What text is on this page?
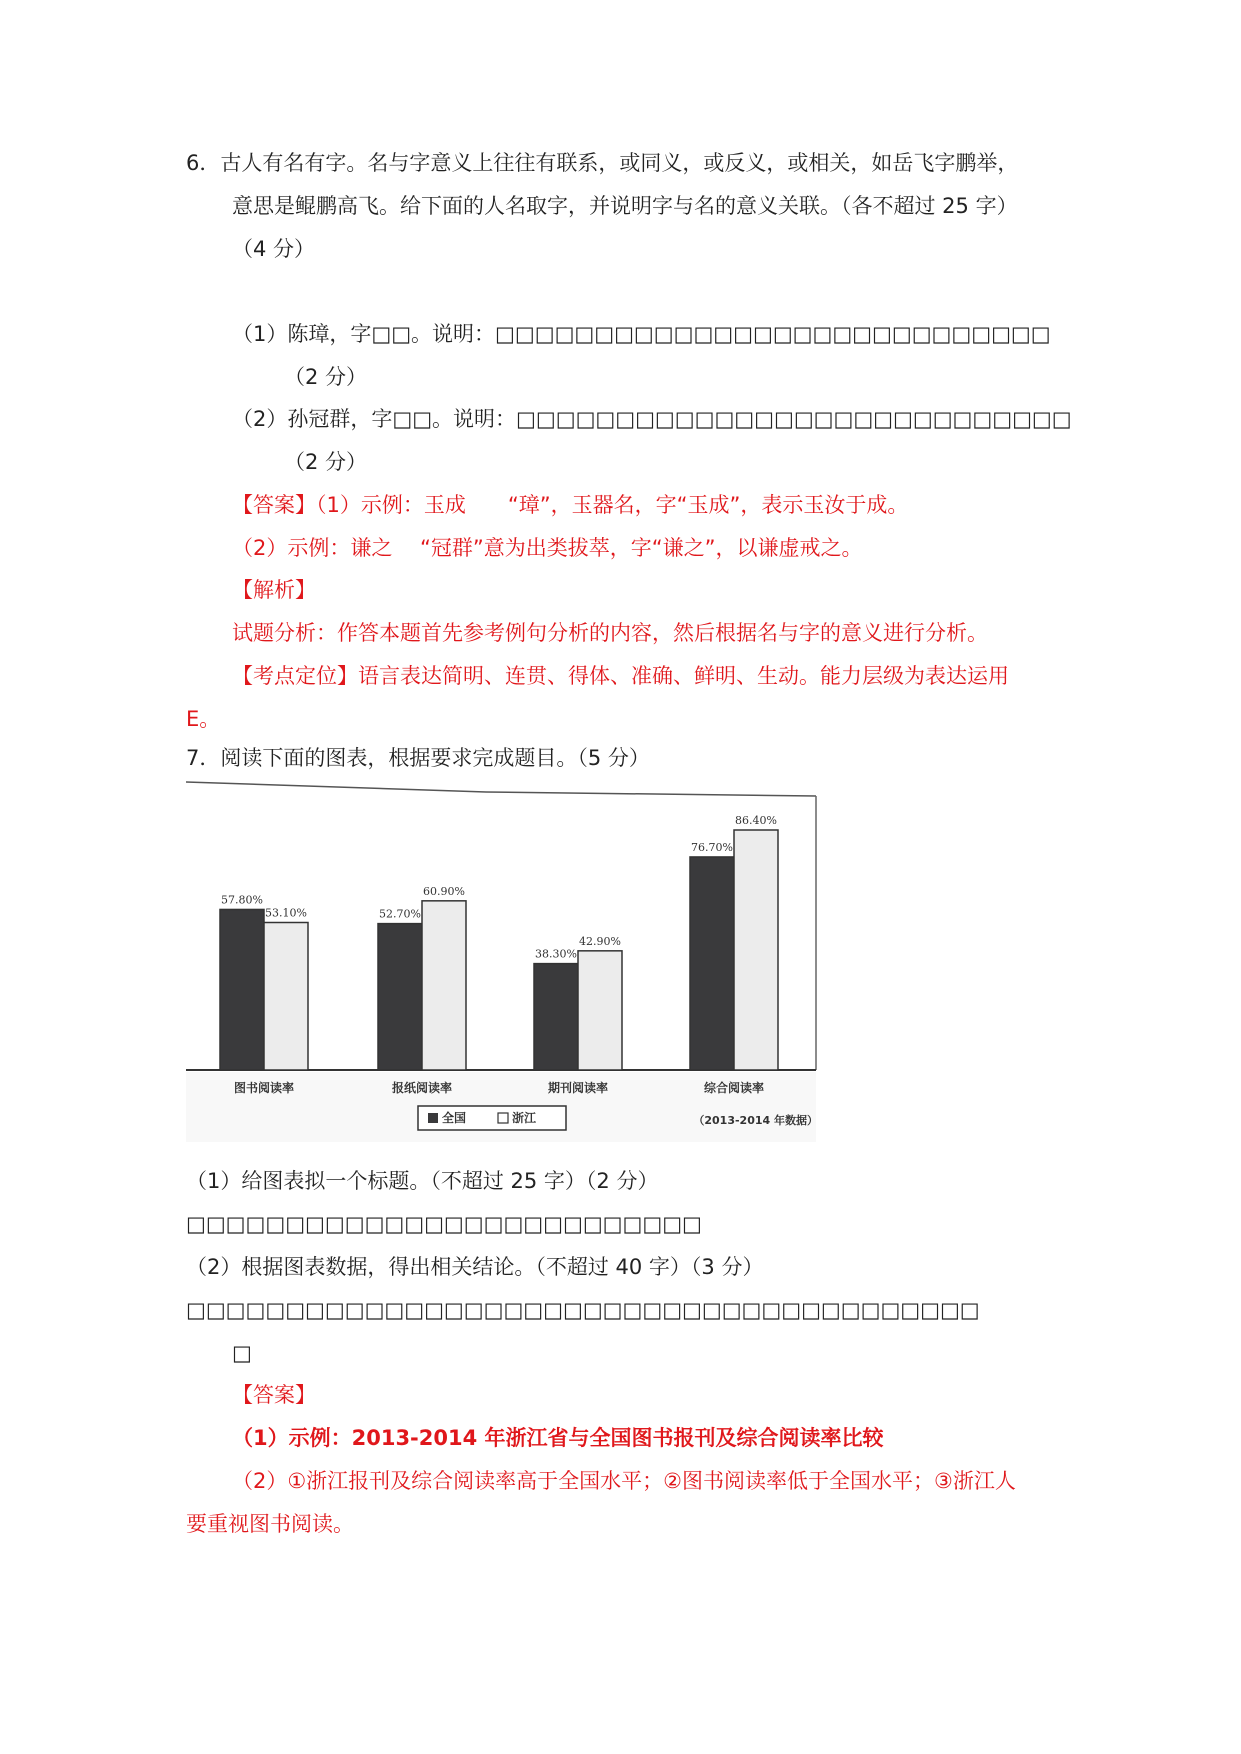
6．古人有名有字。名与字意义上往往有联系，或同义，或反义，或相关，如岳飞字鹏举，
意思是鲲鹏高飞。给下面的人名取字，并说明字与名的意义关联。（各不超过 25 字）
（4 分）
（1）陈璋，字□□。说明：□□□□□□□□□□□□□□□□□□□□□□□□□□□□
（2 分）
（2）孙冠群，字□□。说明：□□□□□□□□□□□□□□□□□□□□□□□□□□□□
（2 分）
【答案】（1）示例：玉成　　“璋”，玉器名，字“玉成”，表示玉汝于成。
（2）示例：谦之　 “冠群”意为出类拔萃，字“谦之”，以谦虚戒之。
【解析】
试题分析：作答本题首先参考例句分析的内容，然后根据名与字的意义进行分析。
【考点定位】语言表达简明、连贯、得体、准确、鲜明、生动。能力层级为表达运用
E。
7．阅读下面的图表，根据要求完成题目。（5 分）
57.80%
53.10%
图书阅读率
52.70%
60.90%
报纸阅读率
38.30%
42.90%
期刊阅读率
76.70%
86.40%
综合阅读率
全国	浙江	（2013-2014 年数据）
（1）给图表拟一个标题。（不超过 25 字）（2 分）
□□□□□□□□□□□□□□□□□□□□□□□□□□
（2）根据图表数据，得出相关结论。（不超过 40 字）（3 分）
□□□□□□□□□□□□□□□□□□□□□□□□□□□□□□□□□□□□□□□□
□
【答案】
（1）示例：2013-2014 年浙江省与全国图书报刊及综合阅读率比较
（2）①浙江报刊及综合阅读率高于全国水平；②图书阅读率低于全国水平；③浙江人
要重视图书阅读。
